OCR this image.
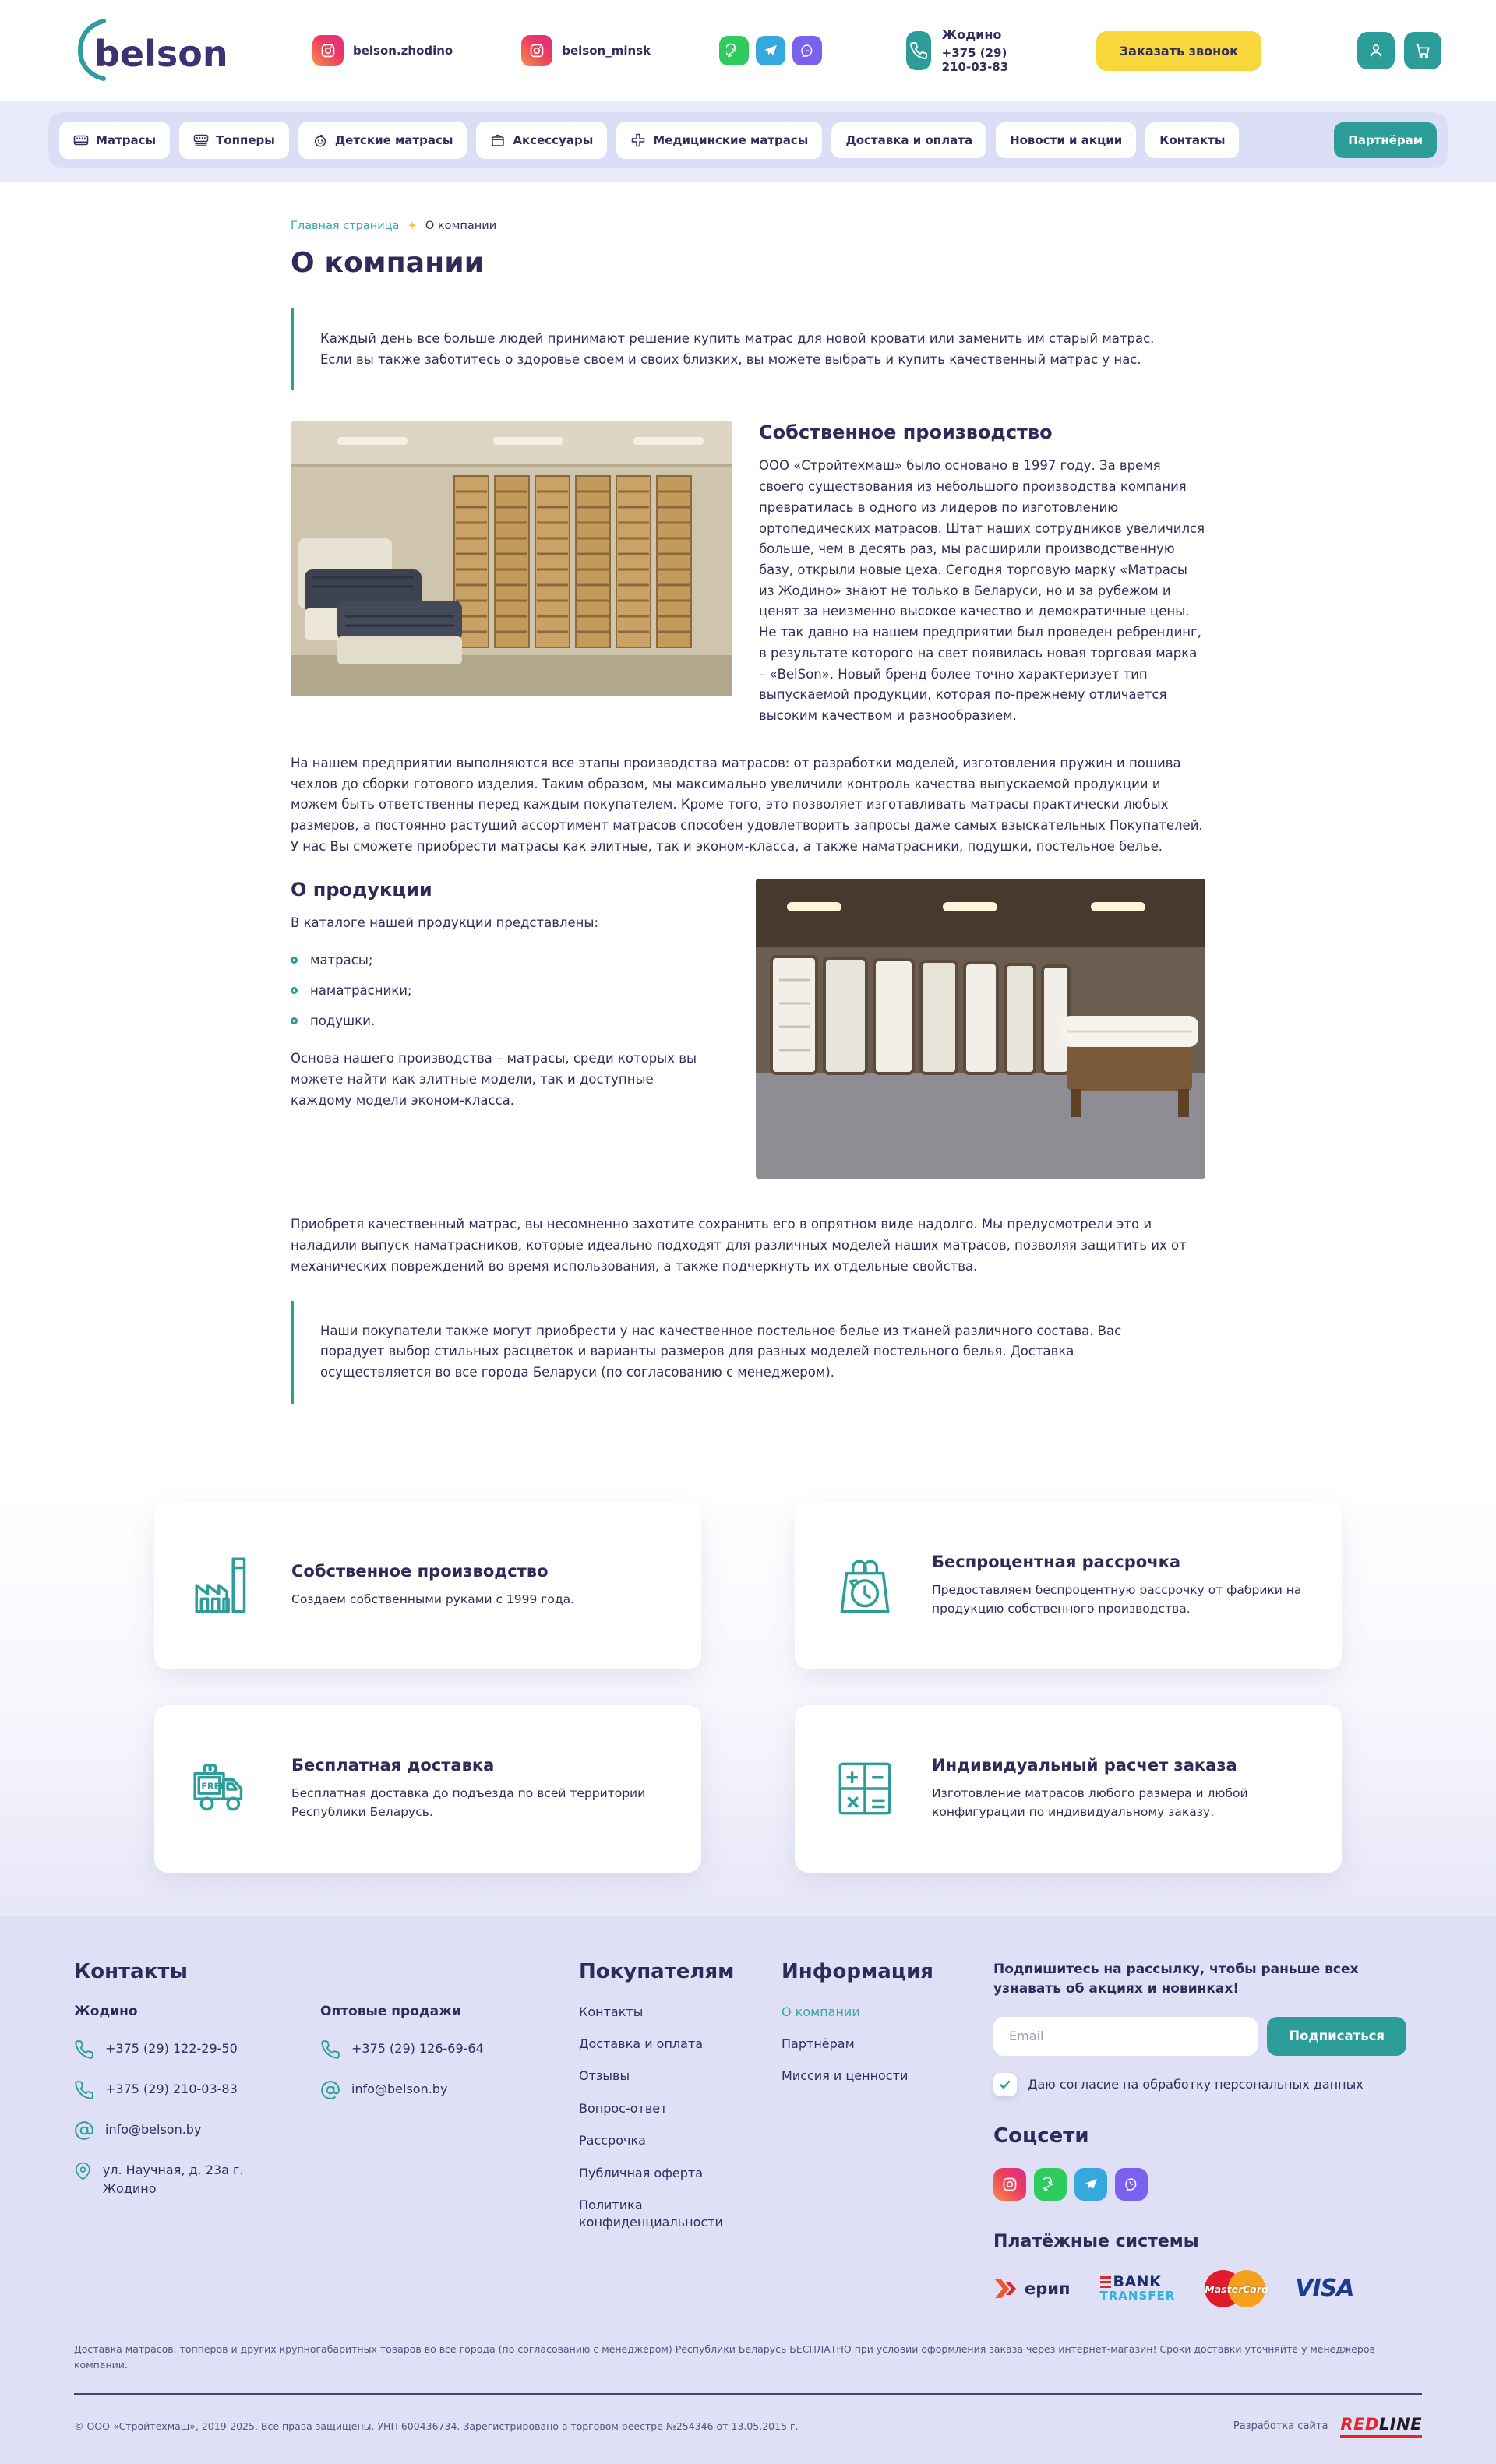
belson	belson.zhodino	belson_minsk
Жодино
+375 (29) 210-03-83
Заказать звонок
Матрасы	Топперы	Детские матрасы	Аксессуары	Медицинские матрасы	Доставка и оплата	Новости и акции	Контакты	Партнёрам
Главная страница ✦ О компании
О компании
Каждый день все больше людей принимают решение купить матрас для новой кровати или заменить им старый матрас. Если вы также заботитесь о здоровье своем и своих близких, вы можете выбрать и купить качественный матрас у нас.
Собственное производство

ООО «Стройтехмаш» было основано в 1997 году. За время своего существования из небольшого производства компания превратилась в одного из лидеров по изготовлению ортопедических матрасов. Штат наших сотрудников увеличился больше, чем в десять раз, мы расширили производственную базу, открыли новые цеха. Сегодня торговую марку «Матрасы из Жодино» знают не только в Беларуси, но и за рубежом и ценят за неизменно высокое качество и демократичные цены. Не так давно на нашем предприятии был проведен ребрендинг, в результате которого на свет появилась новая торговая марка – «BelSon». Новый бренд более точно характеризует тип выпускаемой продукции, которая по-прежнему отличается высоким качеством и разнообразием.

На нашем предприятии выполняются все этапы производства матрасов: от разработки моделей, изготовления пружин и пошива чехлов до сборки готового изделия. Таким образом, мы максимально увеличили контроль качества выпускаемой продукции и можем быть ответственны перед каждым покупателем. Кроме того, это позволяет изготавливать матрасы практически любых размеров, а постоянно растущий ассортимент матрасов способен удовлетворить запросы даже самых взыскательных Покупателей. У нас Вы сможете приобрести матрасы как элитные, так и эконом-класса, а также наматрасники, подушки, постельное белье.

О продукции

В каталоге нашей продукции представлены:

матрасы;
наматрасники;
подушки.

Основа нашего производства – матрасы, среди которых вы можете найти как элитные модели, так и доступные каждому модели эконом-класса.

Приобретя качественный матрас, вы несомненно захотите сохранить его в опрятном виде надолго. Мы предусмотрели это и наладили выпуск наматрасников, которые идеально подходят для различных моделей наших матрасов, позволяя защитить их от механических повреждений во время использования, а также подчеркнуть их отдельные свойства.

Наши покупатели также могут приобрести у нас качественное постельное белье из тканей различного состава. Вас порадует выбор стильных расцветок и варианты размеров для разных моделей постельного белья. Доставка осуществляется во все города Беларуси (по согласованию с менеджером).
Собственное производство

Создаем собственными руками с 1999 года.

Беспроцентная рассрочка

Предоставляем беспроцентную рассрочку от фабрики на продукцию собственного производства.

FREE
Бесплатная доставка

Бесплатная доставка до подъезда по всей территории Республики Беларусь.

Индивидуальный расчет заказа

Изготовление матрасов любого размера и любой конфигурации по индивидуальному заказу.

Контакты
Жодино
+375 (29) 122-29-50
+375 (29) 210-03-83
info@belson.by
ул. Научная, д. 23а г. Жодино
Оптовые продажи
+375 (29) 126-69-64
info@belson.by
Покупателям
Контакты
Доставка и оплата
Отзывы
Вопрос-ответ
Рассрочка
Публичная оферта
Политика конфиденциальности
Информация
О компании
Партнёрам
Миссия и ценности
Подпишитесь на рассылку, чтобы раньше всех узнавать об акциях и новинках!
Email
Подписаться
Даю согласие на обработку персональных данных
Соцсети
Платёжные системы
ерип	BANK
TRANSFER	MasterCard VISA

Доставка матрасов, топперов и других крупногабаритных товаров во все города (по согласованию с менеджером) Республики Беларусь БЕСПЛАТНО при условии оформления заказа через интернет-магазин! Сроки доставки уточняйте у менеджеров компании.

© ООО «Стройтехмаш», 2019-2025. Все права защищены. УНП 600436734. Зарегистрировано в торговом реестре №254346 от 13.05.2015 г.	Разработка сайта REDLINE
